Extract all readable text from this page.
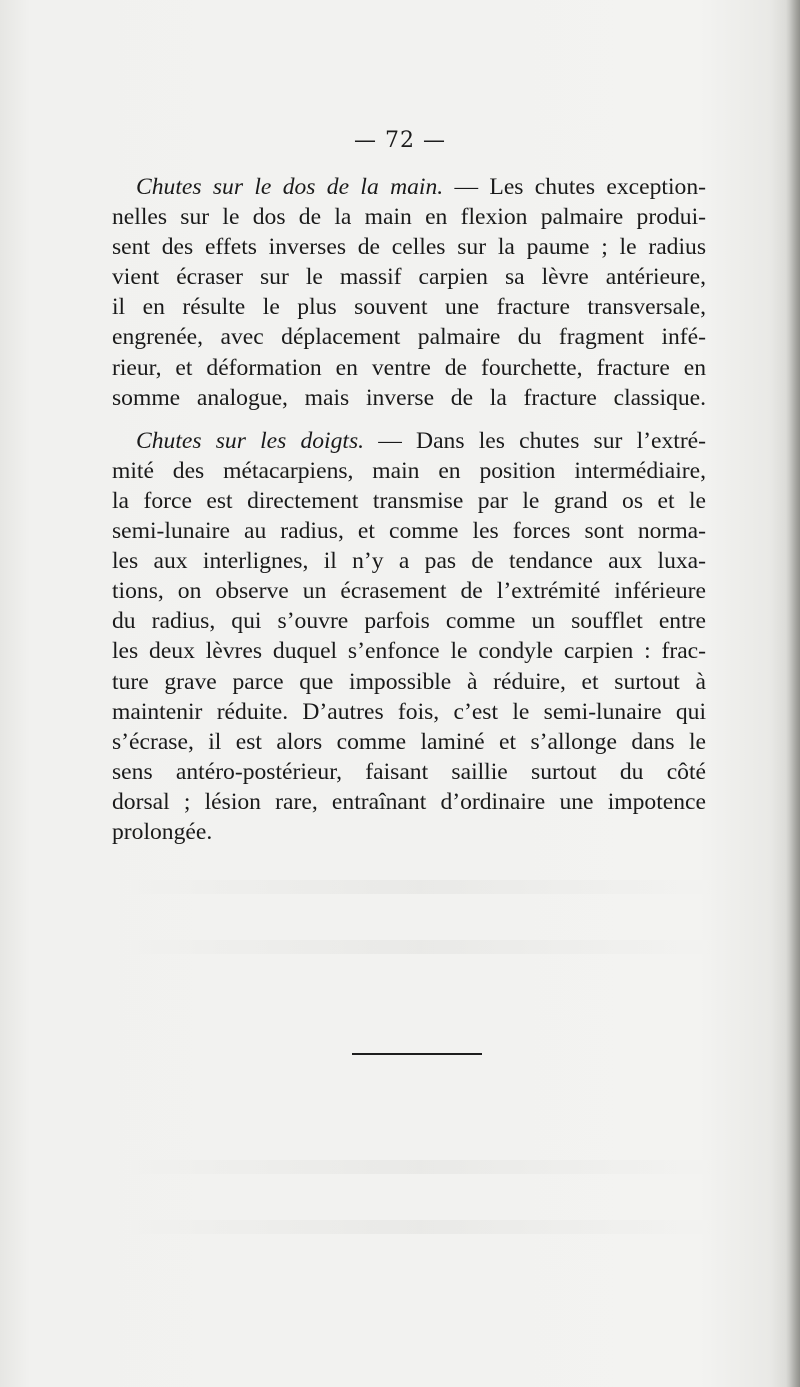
— 72 —
Chutes sur le dos de la main. — Les chutes exception-
nelles sur le dos de la main en flexion palmaire produi-
sent des effets inverses de celles sur la paume ; le radius
vient écraser sur le massif carpien sa lèvre antérieure,
il en résulte le plus souvent une fracture transversale,
engrenée, avec déplacement palmaire du fragment infé-
rieur, et déformation en ventre de fourchette, fracture en
somme analogue, mais inverse de la fracture classique.
Chutes sur les doigts. — Dans les chutes sur l’extré-
mité des métacarpiens, main en position intermédiaire,
la force est directement transmise par le grand os et le
semi-lunaire au radius, et comme les forces sont norma-
les aux interlignes, il n’y a pas de tendance aux luxa-
tions, on observe un écrasement de l’extrémité inférieure
du radius, qui s’ouvre parfois comme un soufflet entre
les deux lèvres duquel s’enfonce le condyle carpien : frac-
ture grave parce que impossible à réduire, et surtout à
maintenir réduite. D’autres fois, c’est le semi-lunaire qui
s’écrase, il est alors comme laminé et s’allonge dans le
sens antéro-postérieur, faisant saillie surtout du côté
dorsal ; lésion rare, entraînant d’ordinaire une impotence
prolongée.
